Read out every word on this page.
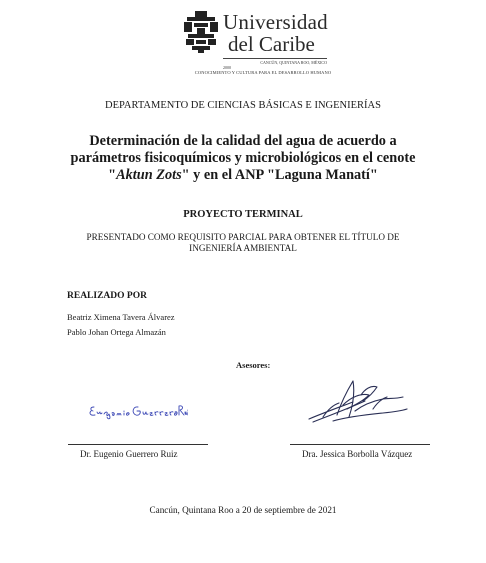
Universidad
del Caribe
CANCÚN, QUINTANA ROO, MÉXICO
2000
CONOCIMIENTO Y CULTURA PARA EL DESARROLLO HUMANO
DEPARTAMENTO DE CIENCIAS BÁSICAS E INGENIERÍAS
Determinación de la calidad del agua de acuerdo a
parámetros fisicoquímicos y microbiológicos en el cenote
"Aktun Zots" y en el ANP "Laguna Manatí"
PROYECTO TERMINAL
PRESENTADO COMO REQUISITO PARCIAL PARA OBTENER EL TÍTULO DE INGENIERÍA AMBIENTAL
REALIZADO POR
Beatriz Ximena Tavera Álvarez
Pablo Johan Ortega Almazán
Asesores:
Dr. Eugenio Guerrero Ruiz	Dra. Jessica Borbolla Vázquez
Cancún, Quintana Roo a 20 de septiembre de 2021
